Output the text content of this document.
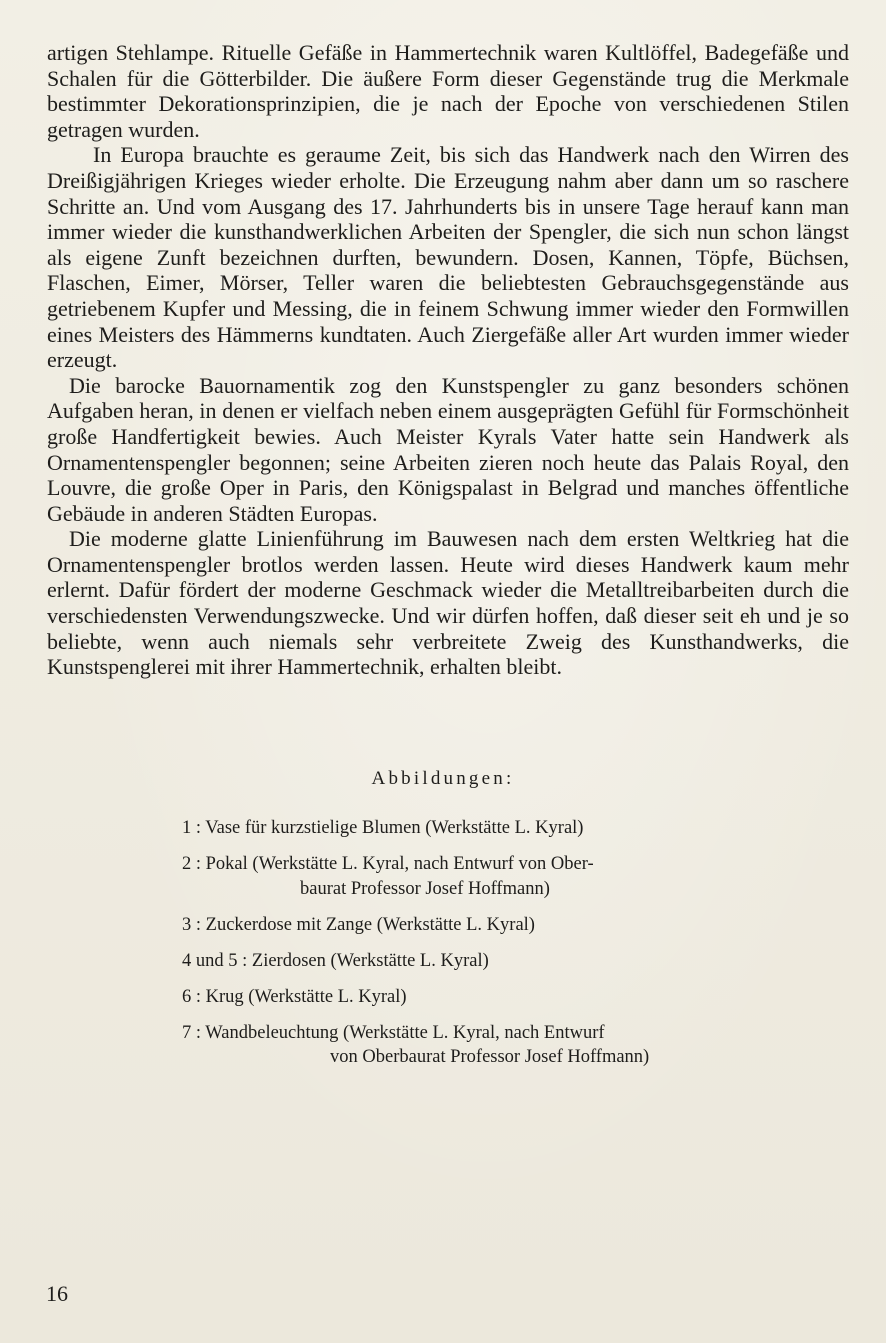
artigen Stehlampe. Rituelle Gefäße in Hammertechnik waren Kultlöffel, Badegefäße und Schalen für die Götterbilder. Die äußere Form dieser Gegenstände trug die Merkmale bestimmter Dekorationsprinzipien, die je nach der Epoche von verschiedenen Stilen getragen wurden.

In Europa brauchte es geraume Zeit, bis sich das Handwerk nach den Wirren des Dreißigjährigen Krieges wieder erholte. Die Erzeugung nahm aber dann um so raschere Schritte an. Und vom Ausgang des 17. Jahrhunderts bis in unsere Tage herauf kann man immer wieder die kunsthandwerklichen Arbeiten der Spengler, die sich nun schon längst als eigene Zunft bezeichnen durften, bewundern. Dosen, Kannen, Töpfe, Büchsen, Flaschen, Eimer, Mörser, Teller waren die beliebtesten Gebrauchsgegenstände aus getriebenem Kupfer und Messing, die in feinem Schwung immer wieder den Formwillen eines Meisters des Hämmerns kundtaten. Auch Ziergefäße aller Art wurden immer wieder erzeugt.

Die barocke Bauornamentik zog den Kunstspengler zu ganz besonders schönen Aufgaben heran, in denen er vielfach neben einem ausgeprägten Gefühl für Formschönheit große Handfertigkeit bewies. Auch Meister Kyrals Vater hatte sein Handwerk als Ornamentenspengler begonnen; seine Arbeiten zieren noch heute das Palais Royal, den Louvre, die große Oper in Paris, den Königspalast in Belgrad und manches öffentliche Gebäude in anderen Städten Europas.

Die moderne glatte Linienführung im Bauwesen nach dem ersten Weltkrieg hat die Ornamentenspengler brotlos werden lassen. Heute wird dieses Handwerk kaum mehr erlernt. Dafür fördert der moderne Geschmack wieder die Metalltreibarbeiten durch die verschiedensten Verwendungszwecke. Und wir dürfen hoffen, daß dieser seit eh und je so beliebte, wenn auch niemals sehr verbreitete Zweig des Kunsthandwerks, die Kunstspenglerei mit ihrer Hammertechnik, erhalten bleibt.

Abbildungen:

1 : Vase für kurzstielige Blumen (Werkstätte L. Kyral)

2 : Pokal (Werkstätte L. Kyral, nach Entwurf von Ober-
baurat Professor Josef Hoffmann)

3 : Zuckerdose mit Zange (Werkstätte L. Kyral)

4 und 5 : Zierdosen (Werkstätte L. Kyral)

6 : Krug (Werkstätte L. Kyral)

7 : Wandbeleuchtung (Werkstätte L. Kyral, nach Entwurf
von Oberbaurat Professor Josef Hoffmann)

16
